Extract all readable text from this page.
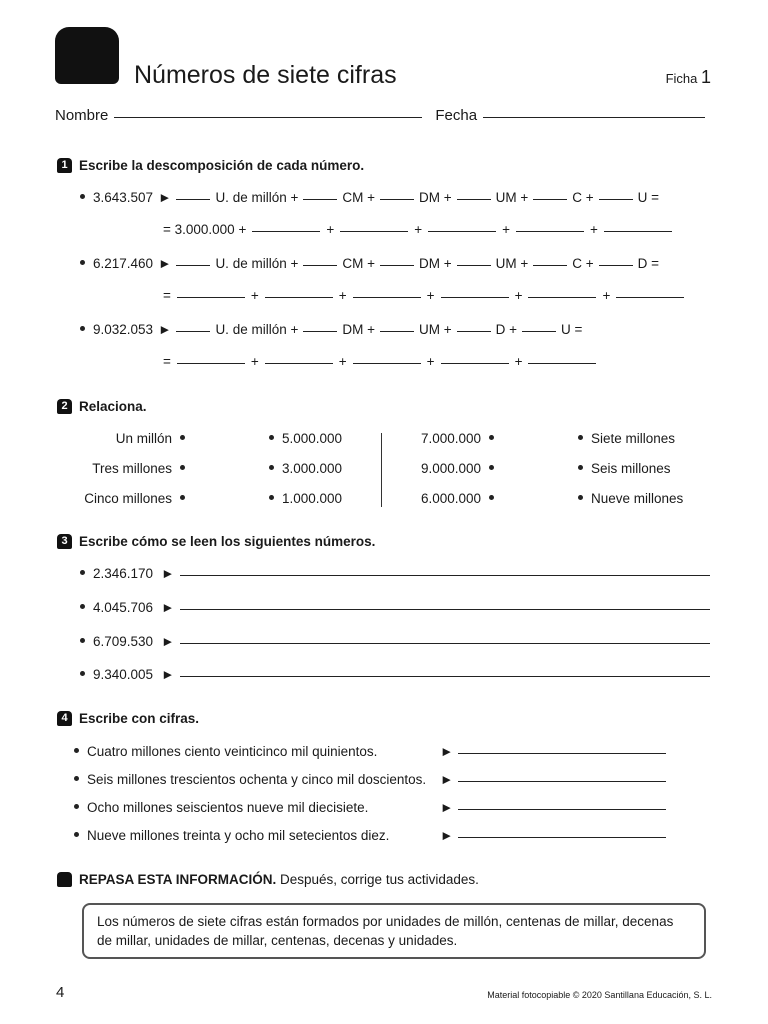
Números de siete cifras	Ficha 1
Nombre	Fecha
1 Escribe la descomposición de cada número.
3.643.507 ►	U. de millón +	CM +	DM +	UM +	C +	U =
= 3.000.000 +	+	+	+	+
6.217.460 ►	U. de millón +	CM +	DM +	UM +	C +	D =
=	+	+	+	+	+
9.032.053 ►	U. de millón +	DM +	UM +	D +	U =
=	+	+	+	+
2 Relaciona.
Un millón	5.000.000	7.000.000	Siete millones
Tres millones	3.000.000	9.000.000	Seis millones
Cinco millones	1.000.000	6.000.000	Nueve millones
3 Escribe cómo se leen los siguientes números.
2.346.170 ►
4.045.706 ►
6.709.530 ►
9.340.005 ►
4 Escribe con cifras.
Cuatro millones ciento veinticinco mil quinientos.	►
Seis millones trescientos ochenta y cinco mil doscientos. ►
Ocho millones seiscientos nueve mil diecisiete.	►
Nueve millones treinta y ocho mil setecientos diez.	►
REPASA ESTA INFORMACIÓN. Después, corrige tus actividades.
Los números de siete cifras están formados por unidades de millón, centenas de millar, decenas
de millar, unidades de millar, centenas, decenas y unidades.
4	Material fotocopiable © 2020 Santillana Educación, S. L.
